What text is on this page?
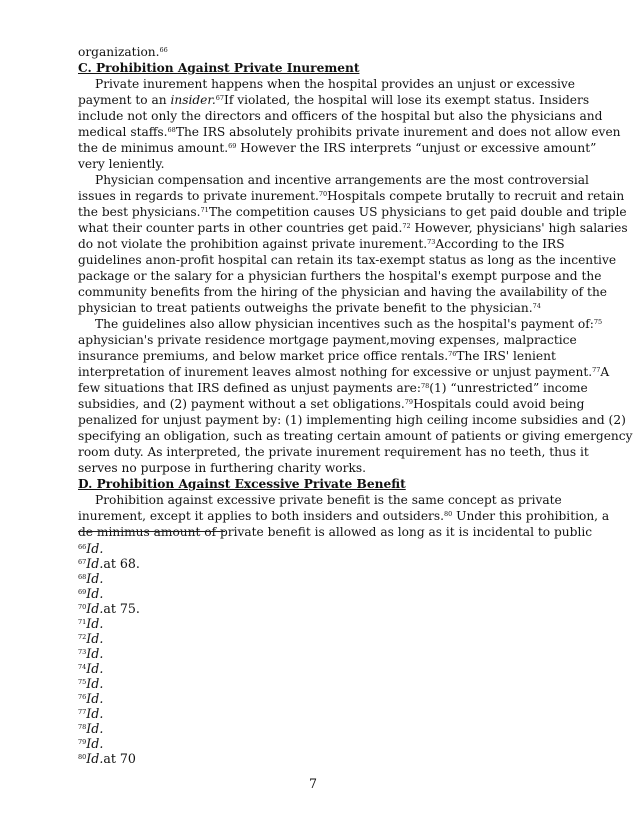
organization.$^{66}$
C. Prohibition Against Private Inurement
Private inurement happens when the hospital provides an unjust or excessive
payment to an insider.$^{67}$If violated, the hospital will lose its exempt status. Insiders
include not only the directors and officers of the hospital but also the physicians and
medical staffs.$^{68}$The IRS absolutely prohibits private inurement and does not allow even
the de minimus amount.$^{69}$ However the IRS interprets “unjust or excessive amount”
very leniently.
Physician compensation and incentive arrangements are the most controversial
issues in regards to private inurement.$^{70}$Hospitals compete brutally to recruit and retain
the best physicians.$^{71}$The competition causes US physicians to get paid double and triple
what their counter parts in other countries get paid.$^{72}$ However, physicians' high salaries
do not violate the prohibition against private inurement.$^{73}$According to the IRS
guidelines anon-profit hospital can retain its tax-exempt status as long as the incentive
package or the salary for a physician furthers the hospital's exempt purpose and the
community benefits from the hiring of the physician and having the availability of the
physician to treat patients outweighs the private benefit to the physician.$^{74}$
The guidelines also allow physician incentives such as the hospital's payment of:$^{75}$
aphysician's private residence mortgage payment,moving expenses, malpractice
insurance premiums, and below market price office rentals.$^{76}$The IRS' lenient
interpretation of inurement leaves almost nothing for excessive or unjust payment.$^{77}$A
few situations that IRS defined as unjust payments are:$^{78}$(1) “unrestricted” income
subsidies, and (2) payment without a set obligations.$^{79}$Hospitals could avoid being
penalized for unjust payment by: (1) implementing high ceiling income subsidies and (2)
specifying an obligation, such as treating certain amount of patients or giving emergency
room duty. As interpreted, the private inurement requirement has no teeth, thus it
serves no purpose in furthering charity works.
D. Prohibition Against Excessive Private Benefit
Prohibition against excessive private benefit is the same concept as private
inurement, except it applies to both insiders and outsiders.$^{80}$ Under this prohibition, a
de minimus amount of private benefit is allowed as long as it is incidental to public
$^{66}$Id.
$^{67}$Id.at 68.
$^{68}$Id.
$^{69}$Id.
$^{70}$Id.at 75.
$^{71}$Id.
$^{72}$Id.
$^{73}$Id.
$^{74}$Id.
$^{75}$Id.
$^{76}$Id.
$^{77}$Id.
$^{78}$Id.
$^{79}$Id.
$^{80}$Id.at 70
7
